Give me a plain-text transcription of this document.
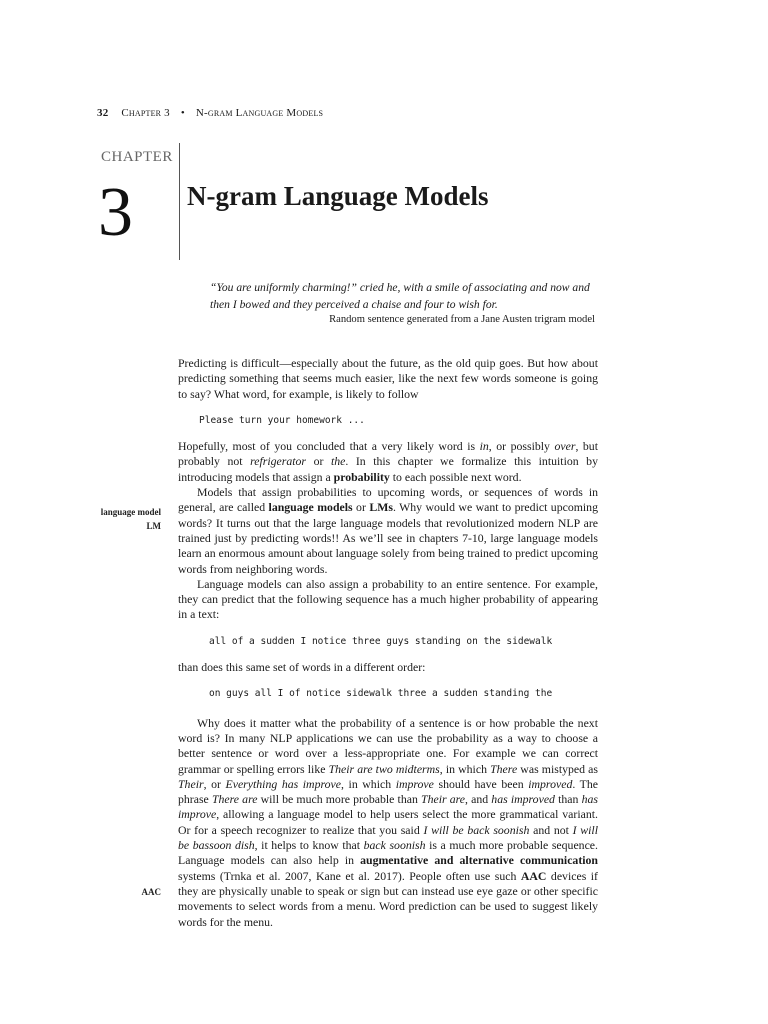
32 Chapter 3 • N-gram Language Models
CHAPTER
3 N-gram Language Models
“You are uniformly charming!” cried he, with a smile of associating and now and then I bowed and they perceived a chaise and four to wish for.
Random sentence generated from a Jane Austen trigram model
language model
LM
AAC

Predicting is difficult—especially about the future, as the old quip goes. But how about predicting something that seems much easier, like the next few words someone is going to say? What word, for example, is likely to follow

Please turn your homework ...

Hopefully, most of you concluded that a very likely word is in, or possibly over, but probably not refrigerator or the. In this chapter we formalize this intuition by introducing models that assign a probability to each possible next word.

Models that assign probabilities to upcoming words, or sequences of words in general, are called language models or LMs. Why would we want to predict upcoming words? It turns out that the large language models that revolutionized modern NLP are trained just by predicting words!! As we’ll see in chapters 7-10, large language models learn an enormous amount about language solely from being trained to predict upcoming words from neighboring words.

Language models can also assign a probability to an entire sentence. For example, they can predict that the following sequence has a much higher probability of appearing in a text:

all of a sudden I notice three guys standing on the sidewalk

than does this same set of words in a different order:

on guys all I of notice sidewalk three a sudden standing the

Why does it matter what the probability of a sentence is or how probable the next word is? In many NLP applications we can use the probability as a way to choose a better sentence or word over a less-appropriate one. For example we can correct grammar or spelling errors like Their are two midterms, in which There was mistyped as Their, or Everything has improve, in which improve should have been improved. The phrase There are will be much more probable than Their are, and has improved than has improve, allowing a language model to help users select the more grammatical variant. Or for a speech recognizer to realize that you said I will be back soonish and not I will be bassoon dish, it helps to know that back soonish is a much more probable sequence. Language models can also help in augmentative and alternative communication systems (Trnka et al. 2007, Kane et al. 2017). People often use such AAC devices if they are physically unable to speak or sign but can instead use eye gaze or other specific movements to select words from a menu. Word prediction can be used to suggest likely words for the menu.
